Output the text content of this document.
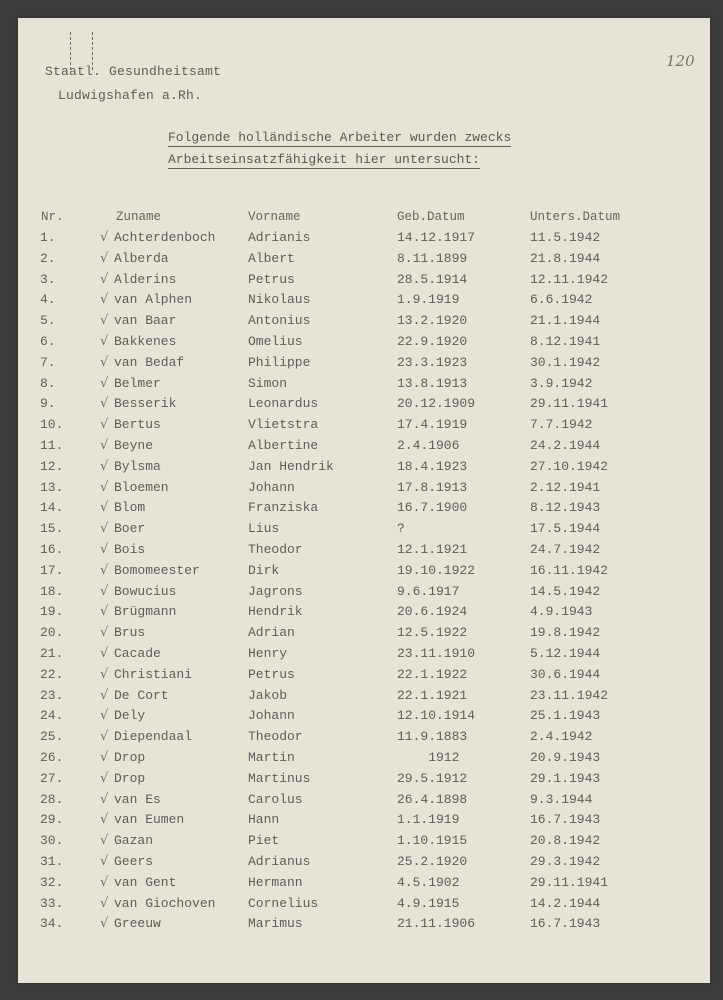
120
Staatl. Gesundheitsamt
Ludwigshafen a.Rh.
Folgende holländische Arbeiter wurden zwecks
Arbeitseinsatzfähigkeit hier untersucht:
Nr.	Zuname	Vorname	Geb.Datum	Unters.Datum
1.	√ Achterdenboch	Adrianis	14.12.1917	11.5.1942
2.	√ Alberda	Albert	8.11.1899	21.8.1944
3.	√ Alderins	Petrus	28.5.1914	12.11.1942
4.	√ van Alphen	Nikolaus	1.9.1919	6.6.1942
5.	√ van Baar	Antonius	13.2.1920	21.1.1944
6.	√ Bakkenes	Omelius	22.9.1920	8.12.1941
7.	√ van Bedaf	Philippe	23.3.1923	30.1.1942
8.	√ Belmer	Simon	13.8.1913	3.9.1942
9.	√ Besserik	Leonardus	20.12.1909	29.11.1941
10.	√ Bertus	Vlietstra	17.4.1919	7.7.1942
11.	√ Beyne	Albertine	2.4.1906	24.2.1944
12.	√ Bylsma	Jan Hendrik	18.4.1923	27.10.1942
13.	√ Bloemen	Johann	17.8.1913	2.12.1941
14.	√ Blom	Franziska	16.7.1900	8.12.1943
15.	√ Boer	Lius	?	17.5.1944
16.	√ Bois	Theodor	12.1.1921	24.7.1942
17.	√ Bomomeester	Dirk	19.10.1922	16.11.1942
18.	√ Bowucius	Jagrons	9.6.1917	14.5.1942
19.	√ Brügmann	Hendrik	20.6.1924	4.9.1943
20.	√ Brus	Adrian	12.5.1922	19.8.1942
21.	√ Cacade	Henry	23.11.1910	5.12.1944
22.	√ Christiani	Petrus	22.1.1922	30.6.1944
23.	√ De Cort	Jakob	22.1.1921	23.11.1942
24.	√ Dely	Johann	12.10.1914	25.1.1943
25.	√ Diependaal	Theodor	11.9.1883	2.4.1942
26.	√ Drop	Martin	1912	20.9.1943
27.	√ Drop	Martinus	29.5.1912	29.1.1943
28.	√ van Es	Carolus	26.4.1898	9.3.1944
29.	√ van Eumen	Hann	1.1.1919	16.7.1943
30.	√ Gazan	Piet	1.10.1915	20.8.1942
31.	√ Geers	Adrianus	25.2.1920	29.3.1942
32.	√ van Gent	Hermann	4.5.1902	29.11.1941
33.	√ van Giochoven	Cornelius	4.9.1915	14.2.1944
34.	√ Greeuw	Marimus	21.11.1906	16.7.1943
